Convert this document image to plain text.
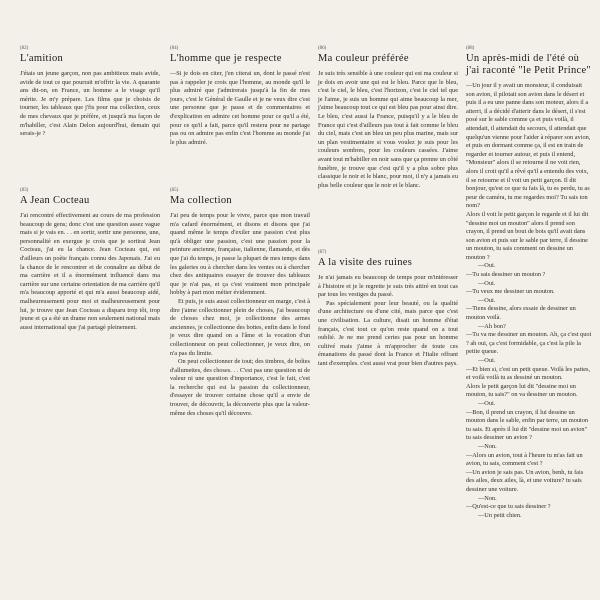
(82)

L'amition

J'étais un jeune garçon, non pas ambitieux mais avide, avide de tout ce que pourrait m'offrir la vie. A quarante ans dit-on, en France, un homme a le visage qu'il mérite. Je m'y prépare. Les films que je choisis de tourner, les tableaux que j'fis pour ma collection, ceux de mes chevaux que je préfère, et jusqu'à ma façon de m'habiller, c'est Alain Delon aujourd'hui, demain qui serais-je ?

(83)

A Jean Cocteau

J'ai rencontré effectivement au cours de ma profession beaucoup de gens; donc c'est une question assez vague mais si je vais en. . . en sortir, sortir une personne, une, personnalité en exergue je crois que je sortirai Jean Cocteau, j'ai eu la chance. Jean Cocteau qui, est d'ailleurs un poète français connu des Japonais. J'ai eu la chance de le rencontrer et de connaître au début de ma carrière et il a énormément influencé dans ma carrière sur une certaine orientation de ma carrière qu'il m'a beaucoup apporté et qui m'a aussi beaucoup aidé, malheureusement pour moi et malheureusement pour lui, je trouve que Jean Cocteau a disparu trop tôt, trop jeune et ça a été un drame non seulement national mais aussi international que j'ai partagé pleinement.

(84)

L'homme que je respecte

—Si je dois en citer, j'en citerai un, dont le passé n'est pas à rappeler je crois que l'homme, au monde qu'il le plus admiré que j'admirerais jusqu'à la fin de mes jours, c'est le Général de Gaulle et je ne veux dire c'est une personne que je passe et de commentaires et d'explication en admire cet homme pour ce qu'il a été, pour ce qu'il a fait, parce qu'il restera pour ne partage pas ou on admire pas enfin c'est l'homme au monde j'ai le plus admiré.

(85)

Ma collection

J'ai peu de temps pour le vivre, parce que mon travail m'a cafard énormément, et disons et disons que j'ai quand même le temps d'exiler une passion c'est plus qu'à obliger une passion, c'est une passion pour la peinture ancienne, française, italienne, flamande, et dès que j'ai du temps, je passe la plupart de mes temps dans les galeries ou à chercher dans les ventes ou à chercher chez des antiquaires essayer de trouver des tableaux que je n'ai pas, et ça c'est vraiment mon principale hobby à part mon métier évidemment.

Et puis, je suis aussi collectionneur en marge, c'est à dire j'aime collectionner plein de choses, j'ai beaucoup de choses chez moi, je collectionne des armes anciennes, je collectionne des bottes, enfin dans le fond je veux dire quand on a l'âme et la vocation d'un collectionneur on peut collectionner, je veux dire, on n'a pas du limite.

On peut collectionner de tout; des timbres, de boîtes d'allumettes, des choses. . . C'est pas une question ni de valeur ni une question d'importance, c'est le fait, c'est la recherche qui est la passion du collectionneur, d'essayer de trouver certaine chose qu'il a envie de trouver, de découvrir, la découverte plus que la valeur-même des choses qu'il découvre.

(86)

Ma couleur préférée

Je suis très sensible à une couleur qui est ma couleur si je dois en avoir une qui est le bleu. Parce que le bleu, c'est le ciel, le bleu, c'est l'horizon, c'est le ciel tel que je l'aime, je suis un homme qui aime beaucoup la mer, j'aime beaucoup tout ce qui est bleu pas pour ainsi dire. Le bleu, c'est aussi la France, puisqu'il y a le bleu de France qui c'est d'ailleurs pas tout à fait comme le bleu du ciel, mais c'est un bleu un peu plus marine, mais sur un plan vestimentaire si vous voulez je suis pour les couleurs sombres, pour les couleurs cassées. J'aime avant tout m'habiller en noir sans que ça prenne un côté funèbre, je trouve que c'est qu'il y a plus sobre plus classique le noir et le blanc, pour moi, il n'y a jamais eu plus belle couleur que le noir et le blanc.

(87)

A la visite des ruines

Je n'ai jamais eu beaucoup de temps pour m'intéresser à l'histoire et je le regrette je suis très attiré en tout cas par tous les vestiges du passé.

Pas spécialement pour leur beauté, ou la qualité d'une architecture ou d'une cité, mais parce que c'est une civilisation. La culture, disait un homme d'état français, c'est tout ce qu'on reste quand on a tout oublié. Je ne me prend certes pas pour un homme cultivé mais j'aime à m'approcher de toute ces émanations du passé dont la France et l'Italie offrant tant d'exemples. c'est aussi vrai pour bien d'autres pays.

(88)

Un après-midi de l'été où j'ai raconté "le Petit Prince"

—Un jour il y avait un monsieur, il conduisait son avion, il pilotait son avion dans le désert et puis il a eu une panne dans son moteur, alors il a atterri, il a décidé d'atterir dans le désert, il s'est posé sur le sable comme ça et puis voilà, il attendait, il attendait du secours, il attendait que quelqu'un vienne pour l'aider à réparer son avion, et puis en dormant comme ça, il est en train de regarder et tourner autour, et puis il entend, "Monsieur" alors il se retourne il ne voit rien, alors il croit qu'il a rêvé qu'il a entendu des voix, il se retourne et il voit un petit garçon. Il dit bonjour, qu'est ce que tu fais là, tu es perdu, tu as peur de caméra, tu me regardes moi? Tu sais ton nom?

Alors il voit le petit garçon le regarde et il lui dit "dessine moi un mouton" alors il prend son crayon, il prend un bout de bois qu'il avait dans son avion et puis sur le sable par terre, il dessine un mouton, tu sais comment on dessine un mouton ?

—Oui.

—Tu sais dessiner un mouton ?

—Oui.

—Tu veux me dessiner un mouton.

—Oui.

—Tiens dessine, alors essaie de dessiner un mouton voilà.

—Ah bon?

—Tu va me dessiner un mouton. Ah, ça c'est quoi ? ah oui, ça c'est formidable, ça c'est la pile la petite queue.

—Oui.

—Et bien si, c'est un petit queue. Voilà les pattes, et voilà voilà tu as dessiné un mouton.

Alors le petit garçon lui dit "dessine moi un mouton, tu sais?" on va dessiner un mouton.

—Oui.

—Bon, il prend un crayon, il lui dessine un mouton dans le sable, enfin par terre, un mouton tu sais. Et après il lui dit "dessine moi un avion" tu sais dessiner un avion ?

—Non.

—Alors un avion, tout à l'heure tu m'as fait un avion, tu sais, comment c'est ?

—Un avion je sais pas. Un avion, benh, tu fais des ailes, deux ailes, là, et une voiture? tu sais dessiner une voiture.

—Non.

—Qu'est-ce que tu sais dessiner ?

—Un petit chien.
